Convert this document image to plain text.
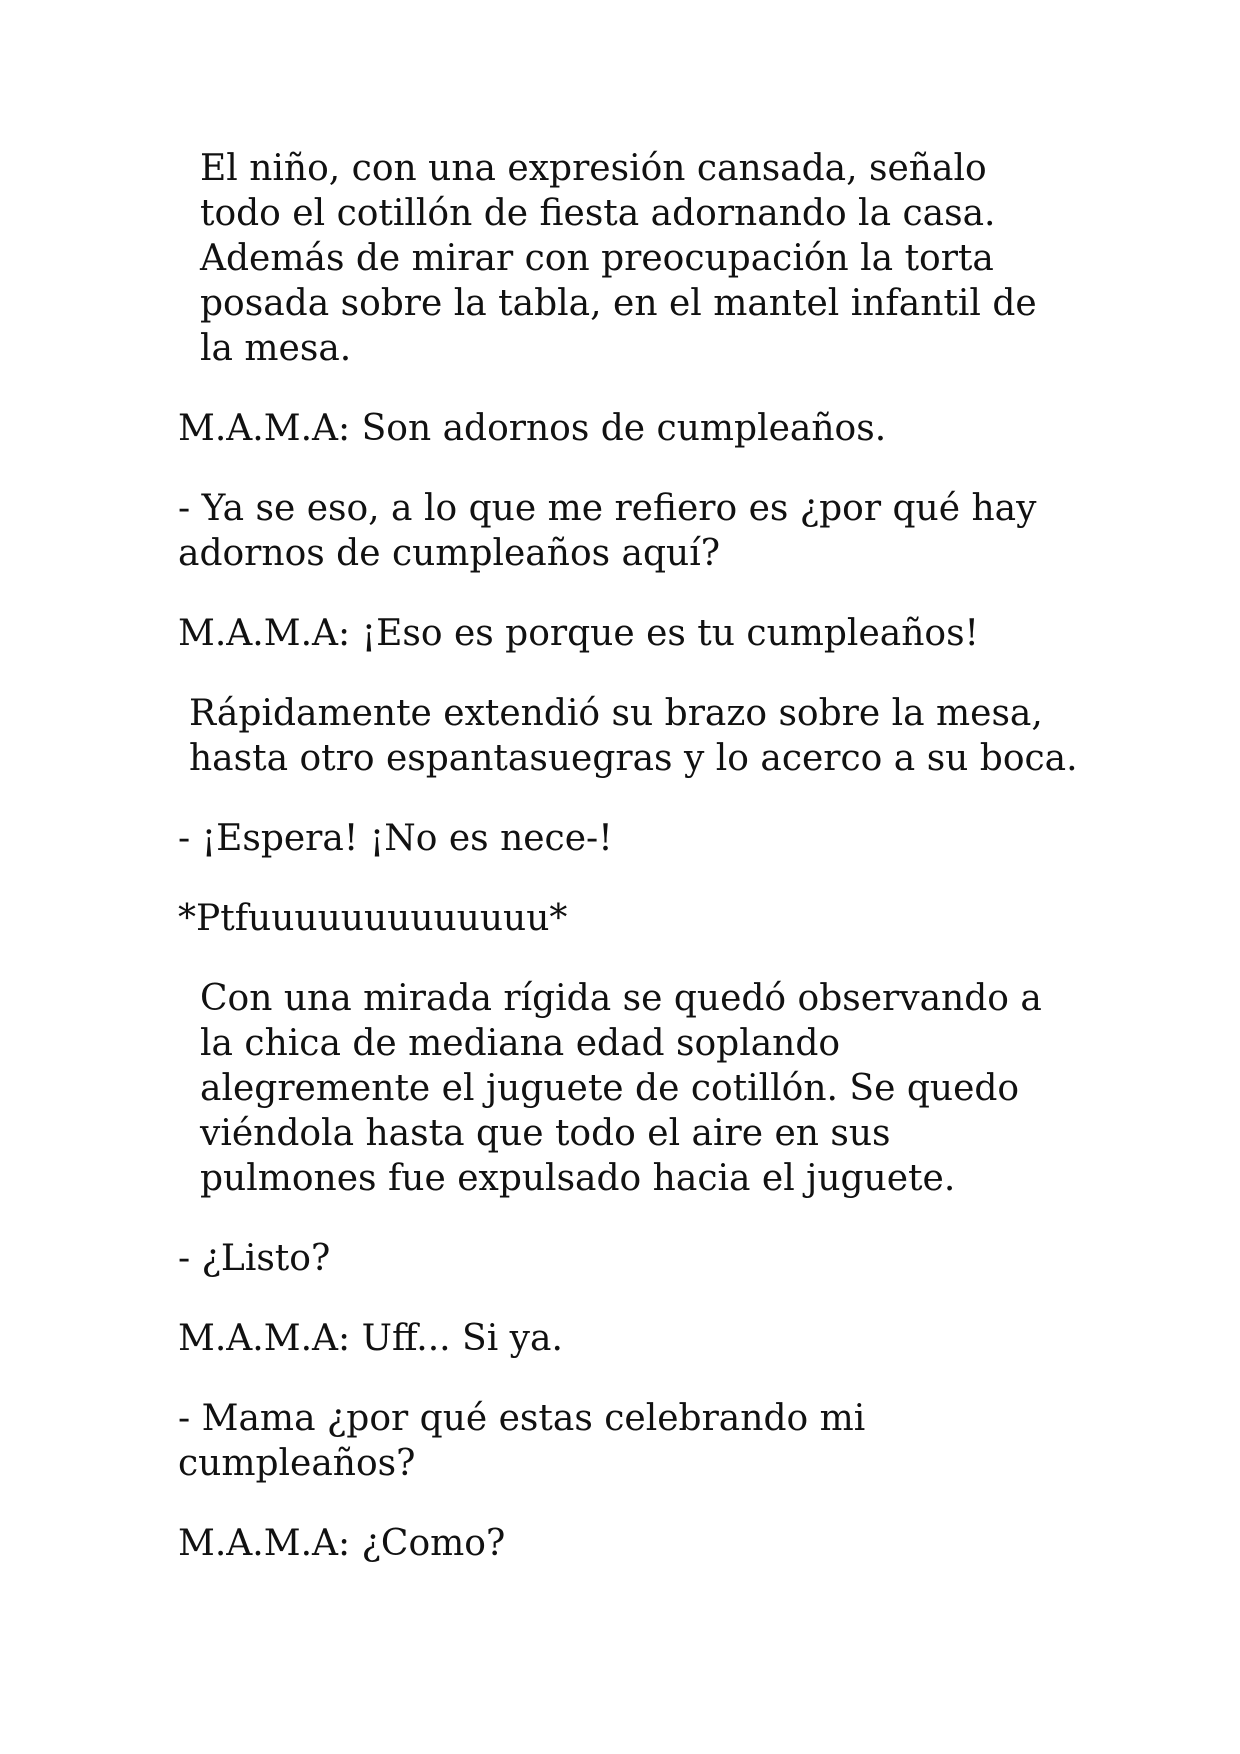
El niño, con una expresión cansada, señalo todo el cotillón de fiesta adornando la casa. Además de mirar con preocupación la torta posada sobre la tabla, en el mantel infantil de la mesa.

M.A.M.A: Son adornos de cumpleaños.

- Ya se eso, a lo que me refiero es ¿por qué hay adornos de cumpleaños aquí?

M.A.M.A: ¡Eso es porque es tu cumpleaños!

Rápidamente extendió su brazo sobre la mesa, hasta otro espantasuegras y lo acerco a su boca.

- ¡Espera! ¡No es nece-!

*Ptfuuuuuuuuuuuuu*

Con una mirada rígida se quedó observando a la chica de mediana edad soplando alegremente el juguete de cotillón. Se quedo viéndola hasta que todo el aire en sus pulmones fue expulsado hacia el juguete.

- ¿Listo?

M.A.M.A: Uff... Si ya.

- Mama ¿por qué estas celebrando mi cumpleaños?

M.A.M.A: ¿Como?
